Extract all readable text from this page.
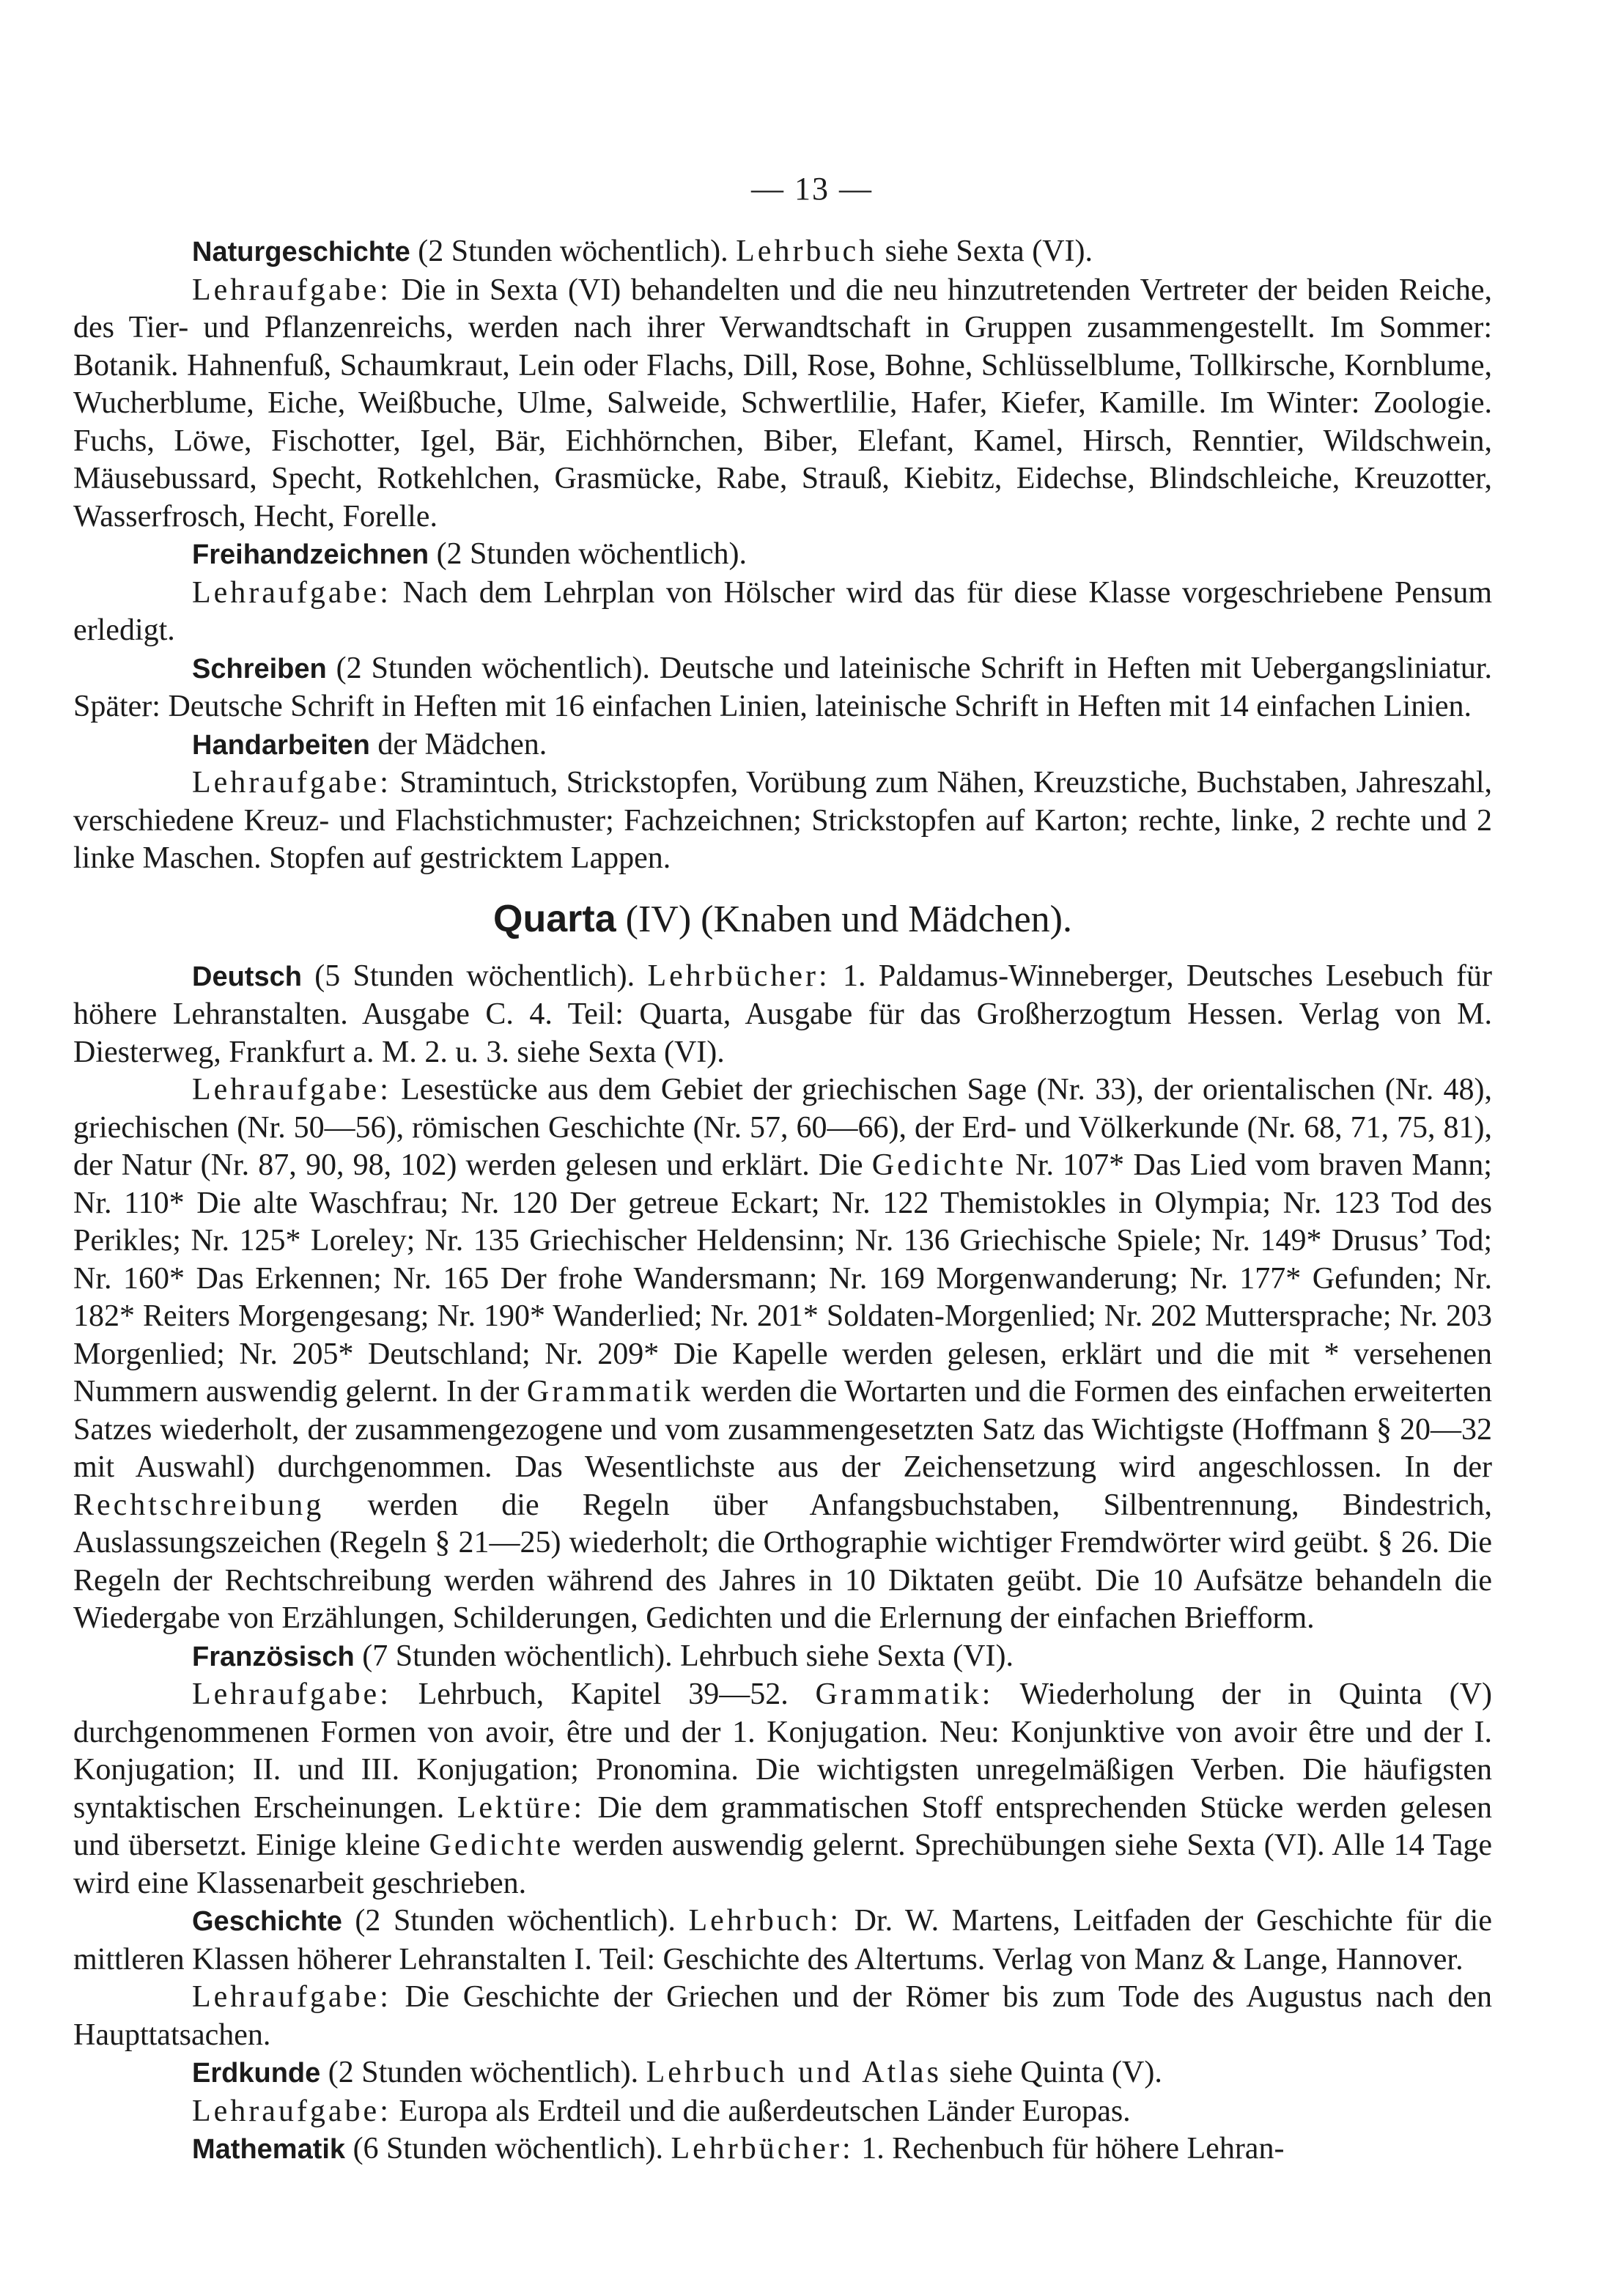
— 13 —

Naturgeschichte (2 Stunden wöchentlich). Lehrbuch siehe Sexta (VI).

Lehraufgabe: Die in Sexta (VI) behandelten und die neu hinzutretenden Vertreter der beiden Reiche, des Tier- und Pflanzenreichs, werden nach ihrer Verwandtschaft in Gruppen zusammengestellt. Im Sommer: Botanik. Hahnenfuß, Schaumkraut, Lein oder Flachs, Dill, Rose, Bohne, Schlüsselblume, Tollkirsche, Kornblume, Wucherblume, Eiche, Weißbuche, Ulme, Salweide, Schwertlilie, Hafer, Kiefer, Kamille. Im Winter: Zoologie. Fuchs, Löwe, Fischotter, Igel, Bär, Eichhörnchen, Biber, Elefant, Kamel, Hirsch, Renntier, Wildschwein, Mäusebussard, Specht, Rotkehlchen, Grasmücke, Rabe, Strauß, Kiebitz, Eidechse, Blindschleiche, Kreuzotter, Wasserfrosch, Hecht, Forelle.

Freihandzeichnen (2 Stunden wöchentlich).

Lehraufgabe: Nach dem Lehrplan von Hölscher wird das für diese Klasse vorgeschriebene Pensum erledigt.

Schreiben (2 Stunden wöchentlich). Deutsche und lateinische Schrift in Heften mit Uebergangsliniatur. Später: Deutsche Schrift in Heften mit 16 einfachen Linien, lateinische Schrift in Heften mit 14 einfachen Linien.

Handarbeiten der Mädchen.

Lehraufgabe: Stramintuch, Strickstopfen, Vorübung zum Nähen, Kreuzstiche, Buchstaben, Jahreszahl, verschiedene Kreuz- und Flachstichmuster; Fachzeichnen; Strickstopfen auf Karton; rechte, linke, 2 rechte und 2 linke Maschen. Stopfen auf gestricktem Lappen.

Quarta (IV) (Knaben und Mädchen).

Deutsch (5 Stunden wöchentlich). Lehrbücher: 1. Paldamus-Winneberger, Deutsches Lesebuch für höhere Lehranstalten. Ausgabe C. 4. Teil: Quarta, Ausgabe für das Großherzogtum Hessen. Verlag von M. Diesterweg, Frankfurt a. M. 2. u. 3. siehe Sexta (VI).

Lehraufgabe: Lesestücke aus dem Gebiet der griechischen Sage (Nr. 33), der orientalischen (Nr. 48), griechischen (Nr. 50—56), römischen Geschichte (Nr. 57, 60—66), der Erd- und Völkerkunde (Nr. 68, 71, 75, 81), der Natur (Nr. 87, 90, 98, 102) werden gelesen und erklärt. Die Gedichte Nr. 107* Das Lied vom braven Mann; Nr. 110* Die alte Waschfrau; Nr. 120 Der getreue Eckart; Nr. 122 Themistokles in Olympia; Nr. 123 Tod des Perikles; Nr. 125* Loreley; Nr. 135 Griechischer Heldensinn; Nr. 136 Griechische Spiele; Nr. 149* Drusus’ Tod; Nr. 160* Das Erkennen; Nr. 165 Der frohe Wandersmann; Nr. 169 Morgenwanderung; Nr. 177* Gefunden; Nr. 182* Reiters Morgengesang; Nr. 190* Wanderlied; Nr. 201* Soldaten-Morgenlied; Nr. 202 Muttersprache; Nr. 203 Morgenlied; Nr. 205* Deutschland; Nr. 209* Die Kapelle werden gelesen, erklärt und die mit * versehenen Nummern auswendig gelernt. In der Grammatik werden die Wortarten und die Formen des einfachen erweiterten Satzes wiederholt, der zusammengezogene und vom zusammengesetzten Satz das Wichtigste (Hoffmann § 20—32 mit Auswahl) durchgenommen. Das Wesentlichste aus der Zeichensetzung wird angeschlossen. In der Rechtschreibung werden die Regeln über Anfangsbuchstaben, Silbentrennung, Bindestrich, Auslassungszeichen (Regeln § 21—25) wiederholt; die Orthographie wichtiger Fremdwörter wird geübt. § 26. Die Regeln der Rechtschreibung werden während des Jahres in 10 Diktaten geübt. Die 10 Aufsätze behandeln die Wiedergabe von Erzählungen, Schilderungen, Gedichten und die Erlernung der einfachen Briefform.

Französisch (7 Stunden wöchentlich). Lehrbuch siehe Sexta (VI).

Lehraufgabe: Lehrbuch, Kapitel 39—52. Grammatik: Wiederholung der in Quinta (V) durchgenommenen Formen von avoir, être und der 1. Konjugation. Neu: Konjunktive von avoir être und der I. Konjugation; II. und III. Konjugation; Pronomina. Die wichtigsten unregelmäßigen Verben. Die häufigsten syntaktischen Erscheinungen. Lektüre: Die dem grammatischen Stoff entsprechenden Stücke werden gelesen und übersetzt. Einige kleine Gedichte werden auswendig gelernt. Sprechübungen siehe Sexta (VI). Alle 14 Tage wird eine Klassenarbeit geschrieben.

Geschichte (2 Stunden wöchentlich). Lehrbuch: Dr. W. Martens, Leitfaden der Geschichte für die mittleren Klassen höherer Lehranstalten I. Teil: Geschichte des Altertums. Verlag von Manz & Lange, Hannover.

Lehraufgabe: Die Geschichte der Griechen und der Römer bis zum Tode des Augustus nach den Haupttatsachen.

Erdkunde (2 Stunden wöchentlich). Lehrbuch und Atlas siehe Quinta (V).

Lehraufgabe: Europa als Erdteil und die außerdeutschen Länder Europas.

Mathematik (6 Stunden wöchentlich). Lehrbücher: 1. Rechenbuch für höhere Lehran-
